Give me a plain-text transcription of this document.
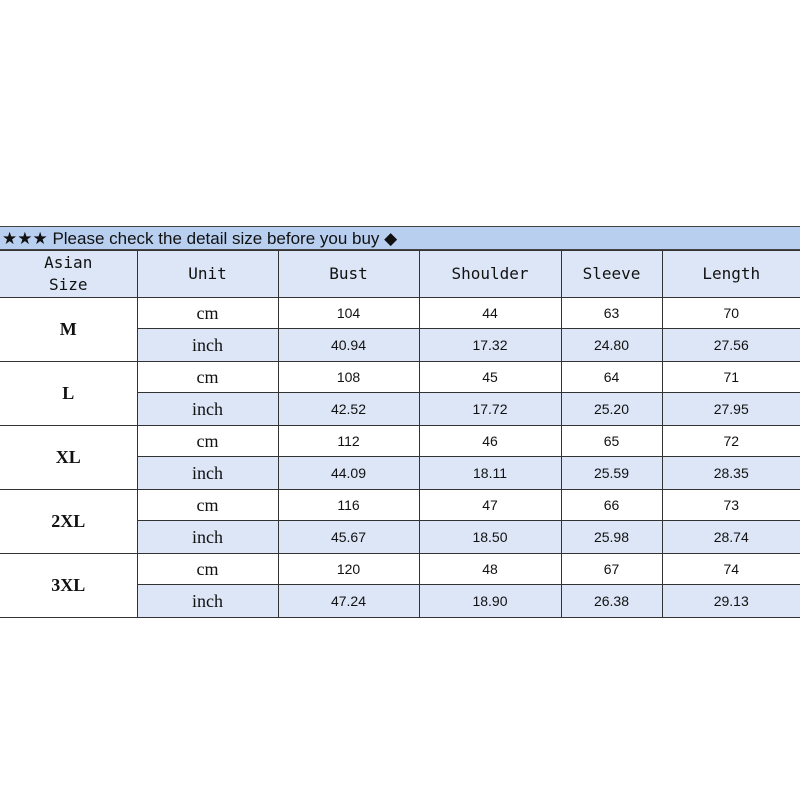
★★★ Please check the detail size before you buy ◆
Asian
Size	Unit	Bust	Shoulder	Sleeve	Length
M	cm	104	44	63	70
	inch	40.94	17.32	24.80	27.56
L	cm	108	45	64	71
	inch	42.52	17.72	25.20	27.95
XL	cm	112	46	65	72
	inch	44.09	18.11	25.59	28.35
2XL	cm	116	47	66	73
	inch	45.67	18.50	25.98	28.74
3XL	cm	120	48	67	74
	inch	47.24	18.90	26.38	29.13
